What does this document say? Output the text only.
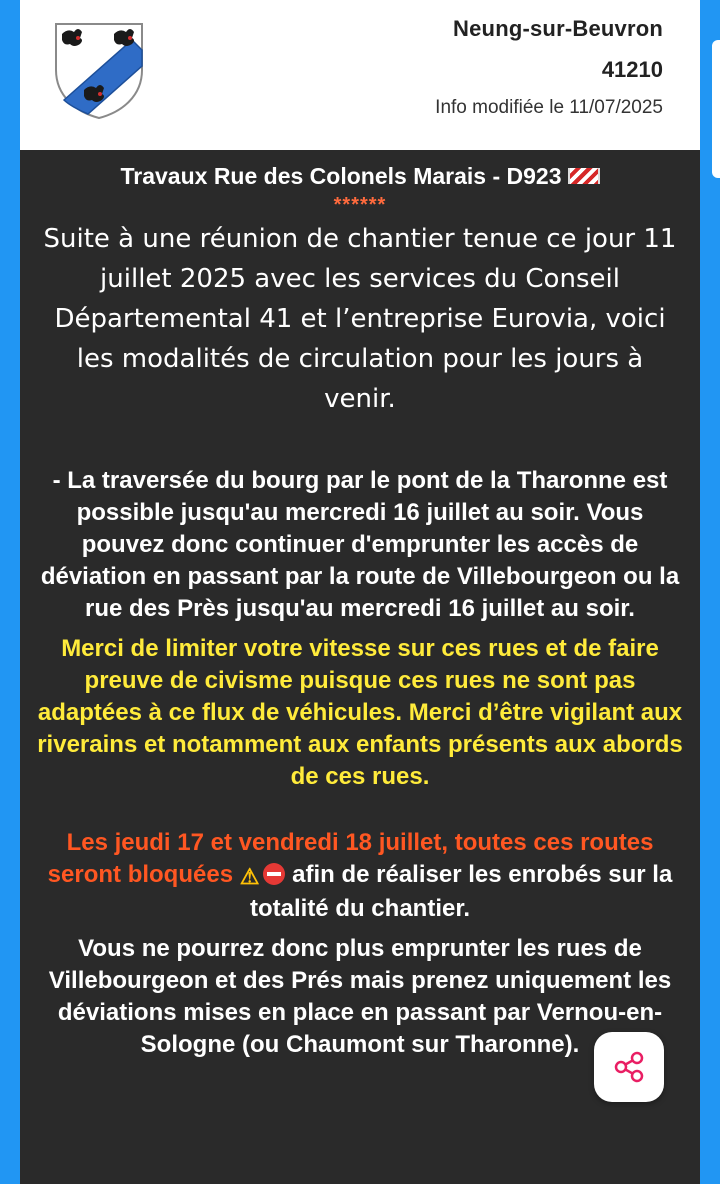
Neung-sur-Beuvron
41210
Info modifiée le 11/07/2025
Travaux Rue des Colonels Marais - D923
******
Suite à une réunion de chantier tenue ce jour 11 juillet 2025 avec les services du Conseil Départemental 41 et l’entreprise Eurovia, voici les modalités de circulation pour les jours à venir.
- La traversée du bourg par le pont de la Tharonne est possible jusqu'au mercredi 16 juillet au soir. Vous pouvez donc continuer d'emprunter les accès de déviation en passant par la route de Villebourgeon ou la rue des Près jusqu'au mercredi 16 juillet au soir.
Merci de limiter votre vitesse sur ces rues et de faire preuve de civisme puisque ces rues ne sont pas adaptées à ce flux de véhicules. Merci d’être vigilant aux riverains et notamment aux enfants présents aux abords de ces rues.
Les jeudi 17 et vendredi 18 juillet, toutes ces routes seront bloquées ⚠ afin de réaliser les enrobés sur la totalité du chantier.
Vous ne pourrez donc plus emprunter les rues de Villebourgeon et des Prés mais prenez uniquement les déviations mises en place en passant par Vernou-en-Sologne (ou Chaumont sur Tharonne).
